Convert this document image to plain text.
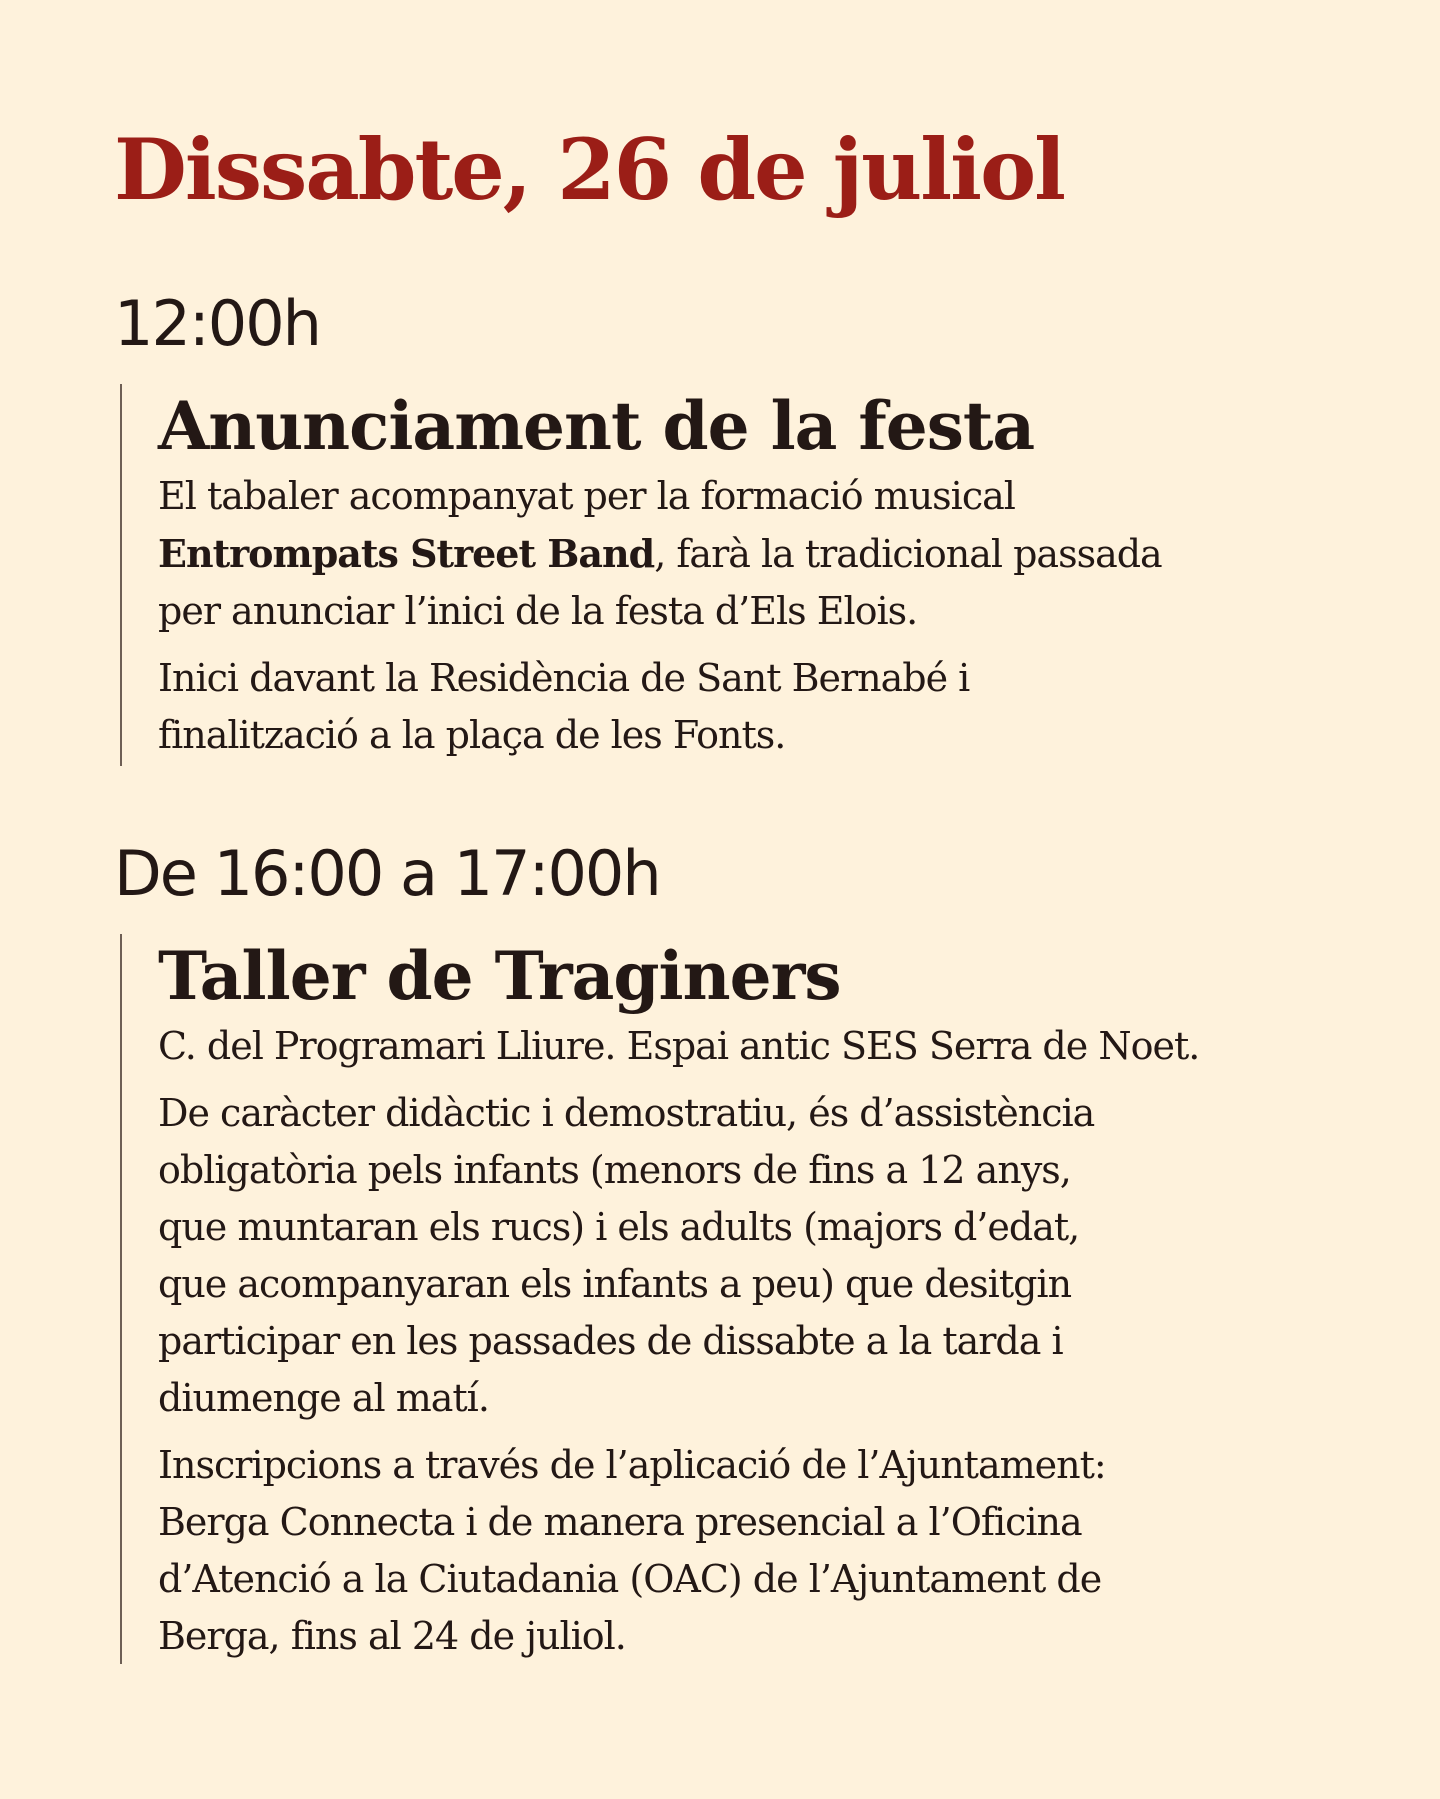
Dissabte, 26 de juliol
12:00h
Anunciament de la festa

El tabaler acompanyat per la formació musical
Entrompats Street Band, farà la tradicional passada
per anunciar l’inici de la festa d’Els Elois.

Inici davant la Residència de Sant Bernabé i
finalització a la plaça de les Fonts.

De 16:00 a 17:00h
Taller de Traginers

C. del Programari Lliure. Espai antic SES Serra de Noet.

De caràcter didàctic i demostratiu, és d’assistència
obligatòria pels infants (menors de fins a 12 anys,
que muntaran els rucs) i els adults (majors d’edat,
que acompanyaran els infants a peu) que desitgin
participar en les passades de dissabte a la tarda i
diumenge al matí.

Inscripcions a través de l’aplicació de l’Ajuntament:
Berga Connecta i de manera presencial a l’Oficina
d’Atenció a la Ciutadania (OAC) de l’Ajuntament de
Berga, fins al 24 de juliol.
